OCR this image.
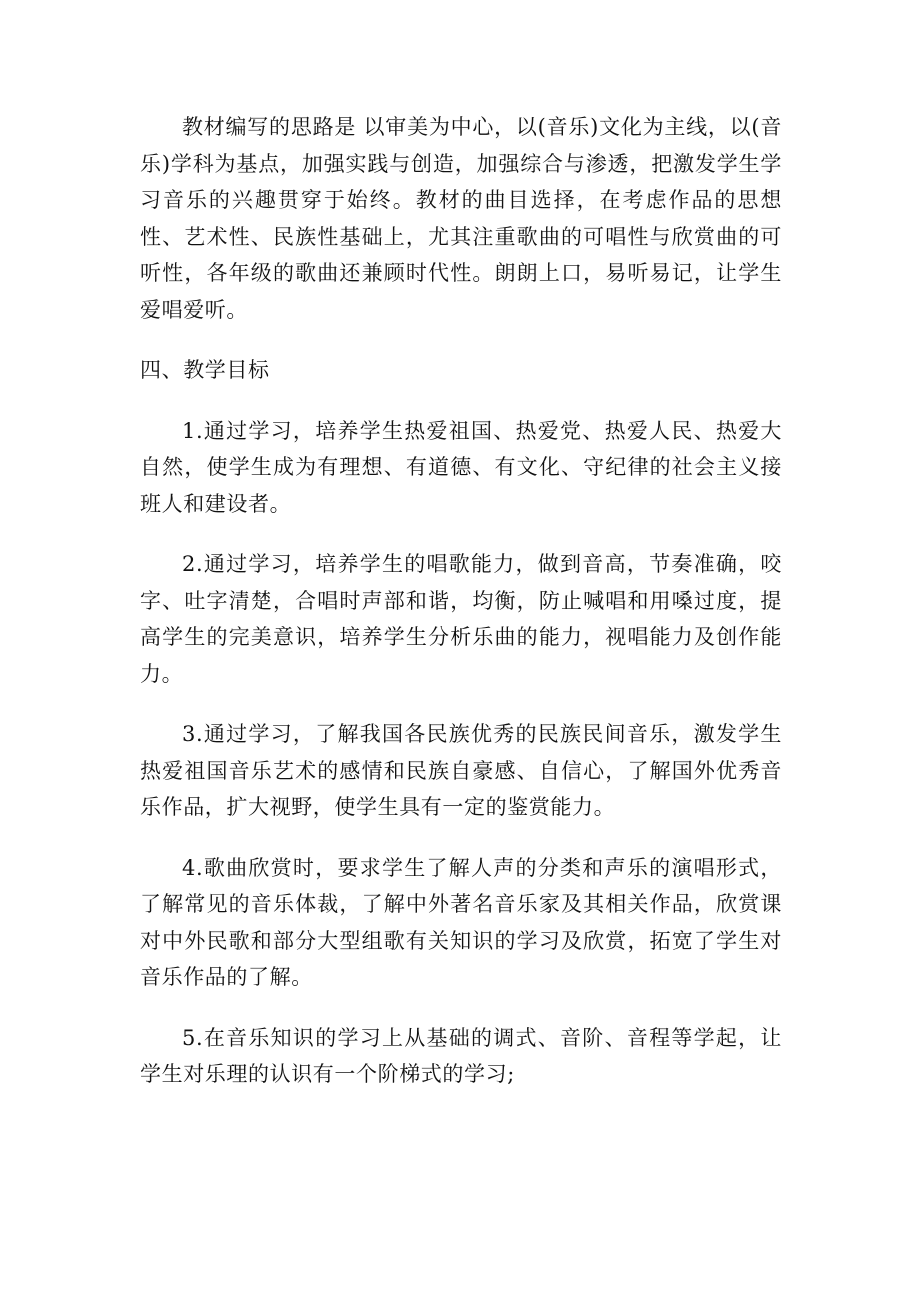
教材编写的思路是 以审美为中心，以(音乐)文化为主线，以(音乐)学科为基点，加强实践与创造，加强综合与渗透，把激发学生学习音乐的兴趣贯穿于始终。教材的曲目选择，在考虑作品的思想性、艺术性、民族性基础上，尤其注重歌曲的可唱性与欣赏曲的可听性，各年级的歌曲还兼顾时代性。朗朗上口，易听易记，让学生爱唱爱听。

四、教学目标

1.通过学习，培养学生热爱祖国、热爱党、热爱人民、热爱大自然，使学生成为有理想、有道德、有文化、守纪律的社会主义接班人和建设者。

2.通过学习，培养学生的唱歌能力，做到音高，节奏准确，咬字、吐字清楚，合唱时声部和谐，均衡，防止喊唱和用嗓过度，提高学生的完美意识，培养学生分析乐曲的能力，视唱能力及创作能力。

3.通过学习，了解我国各民族优秀的民族民间音乐，激发学生热爱祖国音乐艺术的感情和民族自豪感、自信心，了解国外优秀音乐作品，扩大视野，使学生具有一定的鉴赏能力。

4.歌曲欣赏时，要求学生了解人声的分类和声乐的演唱形式，了解常见的音乐体裁，了解中外著名音乐家及其相关作品，欣赏课对中外民歌和部分大型组歌有关知识的学习及欣赏，拓宽了学生对音乐作品的了解。

5.在音乐知识的学习上从基础的调式、音阶、音程等学起，让学生对乐理的认识有一个阶梯式的学习;
